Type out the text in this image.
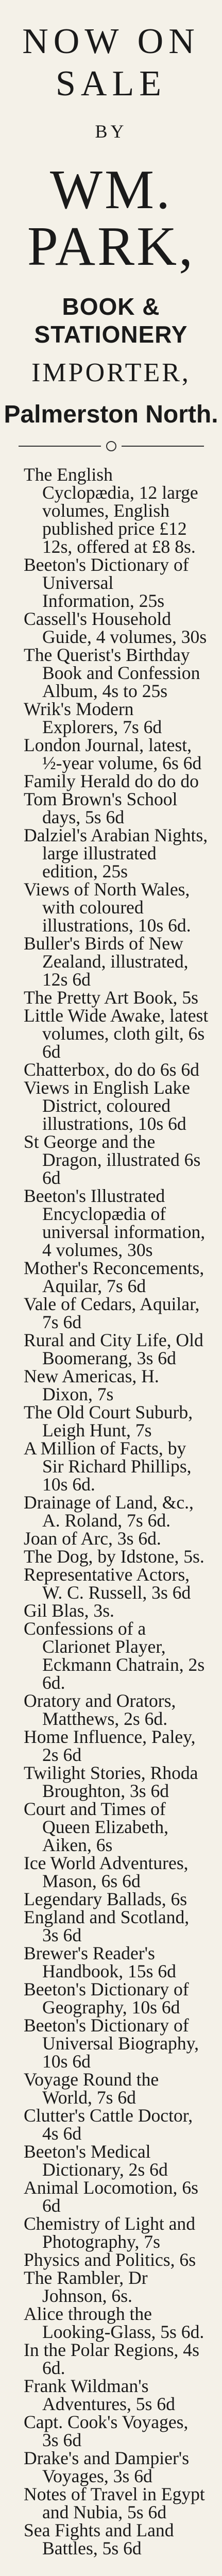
NOW ON SALE
BY
WM. PARK,
BOOK & STATIONERY
IMPORTER,
Palmerston North.
The English Cyclopædia, 12 large volumes, English published price £12 12s, offered at £8 8s.
Beeton's Dictionary of Universal Information, 25s
Cassell's Household Guide, 4 volumes, 30s
The Querist's Birthday Book and Confession Album, 4s to 25s
Wrik's Modern Explorers, 7s 6d
London Journal, latest, ½-year volume, 6s 6d
Family Herald do do do
Tom Brown's School days, 5s 6d
Dalziel's Arabian Nights, large illustrated edition, 25s
Views of North Wales, with coloured illustrations, 10s 6d.
Buller's Birds of New Zealand, illustrated, 12s 6d
The Pretty Art Book, 5s
Little Wide Awake, latest volumes, cloth gilt, 6s 6d
Chatterbox, do do 6s 6d
Views in English Lake District, coloured illustrations, 10s 6d
St George and the Dragon, illustrated 6s 6d
Beeton's Illustrated Encyclopædia of universal information, 4 volumes, 30s
Mother's Reconcements, Aquilar, 7s 6d
Vale of Cedars, Aquilar, 7s 6d
Rural and City Life, Old Boomerang, 3s 6d
New Americas, H. Dixon, 7s
The Old Court Suburb, Leigh Hunt, 7s
A Million of Facts, by Sir Richard Phillips, 10s 6d.
Drainage of Land, &c., A. Roland, 7s 6d.
Joan of Arc, 3s 6d.
The Dog, by Idstone, 5s.
Representative Actors, W. C. Russell, 3s 6d
Gil Blas, 3s.
Confessions of a Clarionet Player, Eckmann Chatrain, 2s 6d.
Oratory and Orators, Matthews, 2s 6d.
Home Influence, Paley, 2s 6d
Twilight Stories, Rhoda Broughton, 3s 6d
Court and Times of Queen Elizabeth, Aiken, 6s
Ice World Adventures, Mason, 6s 6d
Legendary Ballads, 6s
England and Scotland, 3s 6d
Brewer's Reader's Handbook, 15s 6d
Beeton's Dictionary of Geography, 10s 6d
Beeton's Dictionary of Universal Biography, 10s 6d
Voyage Round the World, 7s 6d
Clutter's Cattle Doctor, 4s 6d
Beeton's Medical Dictionary, 2s 6d
Animal Locomotion, 6s 6d
Chemistry of Light and Photography, 7s
Physics and Politics, 6s
The Rambler, Dr Johnson, 6s.
Alice through the Looking-Glass, 5s 6d.
In the Polar Regions, 4s 6d.
Frank Wildman's Adventures, 5s 6d
Capt. Cook's Voyages, 3s 6d
Drake's and Dampier's Voyages, 3s 6d
Notes of Travel in Egypt and Nubia, 5s 6d
Sea Fights and Land Battles, 5s 6d
